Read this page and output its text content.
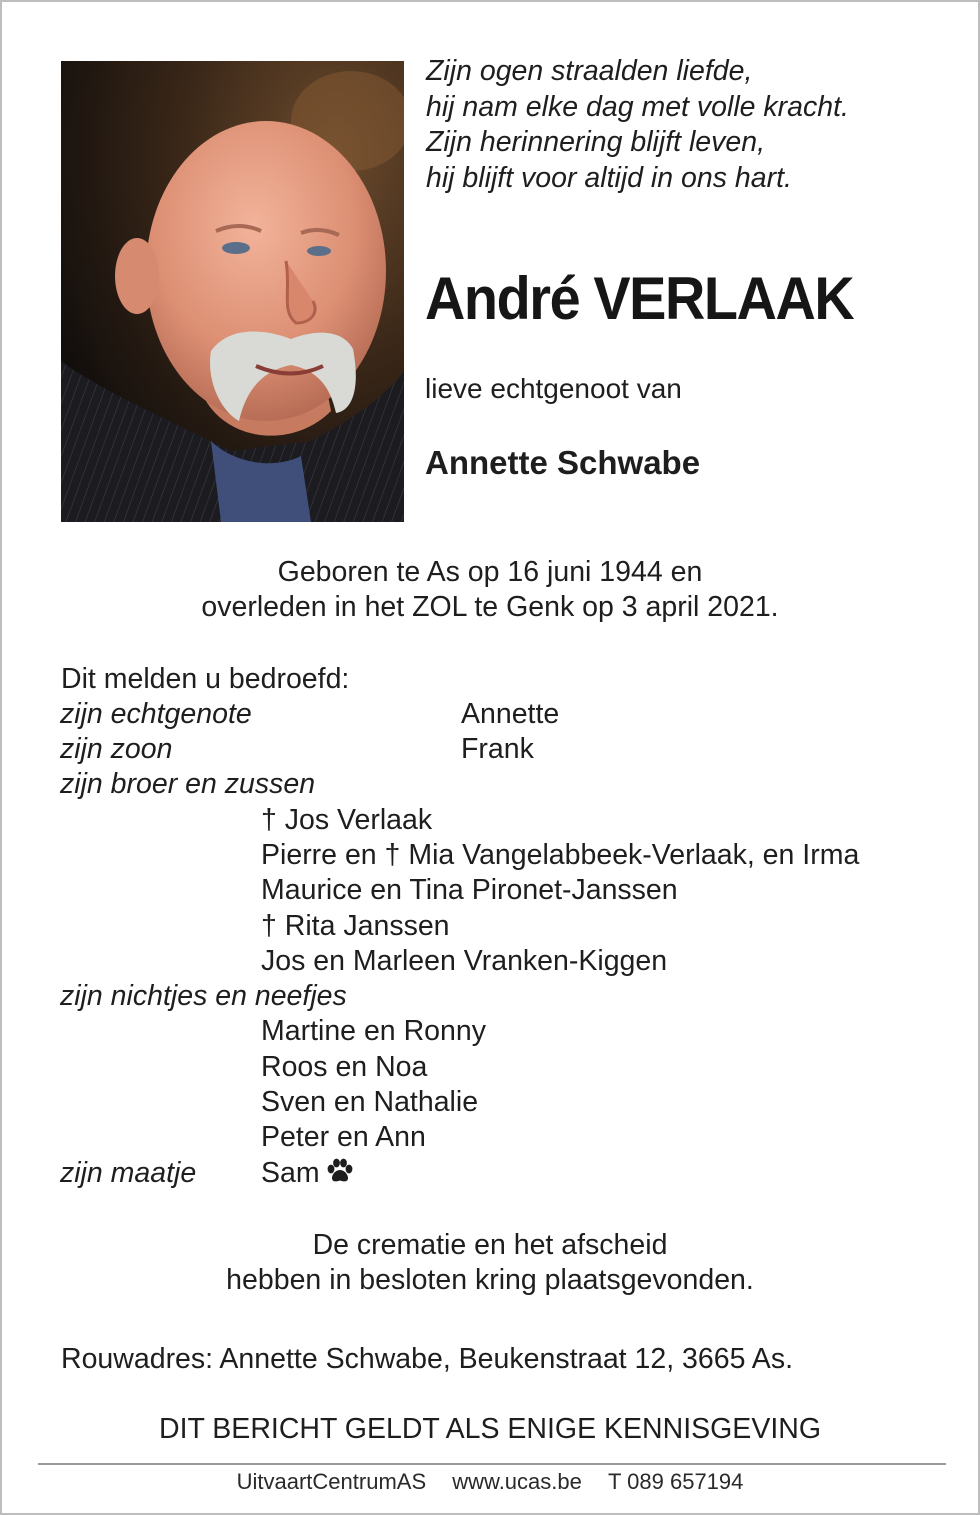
Zijn ogen straalden liefde,
hij nam elke dag met volle kracht.
Zijn herinnering blijft leven,
hij blijft voor altijd in ons hart.
André VERLAAK
lieve echtgenoot van
Annette Schwabe
Geboren te As op 16 juni 1944 en
overleden in het ZOL te Genk op 3 april 2021.
Dit melden u bedroefd:
zijn echtgenote	Annette
zijn zoon	Frank
zijn broer en zussen
† Jos Verlaak
Pierre en † Mia Vangelabbeek-Verlaak, en Irma
Maurice en Tina Pironet-Janssen
† Rita Janssen
Jos en Marleen Vranken-Kiggen
zijn nichtjes en neefjes
Martine en Ronny
Roos en Noa
Sven en Nathalie
Peter en Ann
zijn maatje Sam
De crematie en het afscheid
hebben in besloten kring plaatsgevonden.
Rouwadres: Annette Schwabe, Beukenstraat 12, 3665 As.
DIT BERICHT GELDT ALS ENIGE KENNISGEVING
UitvaartCentrumAS www.ucas.be T 089 657194
